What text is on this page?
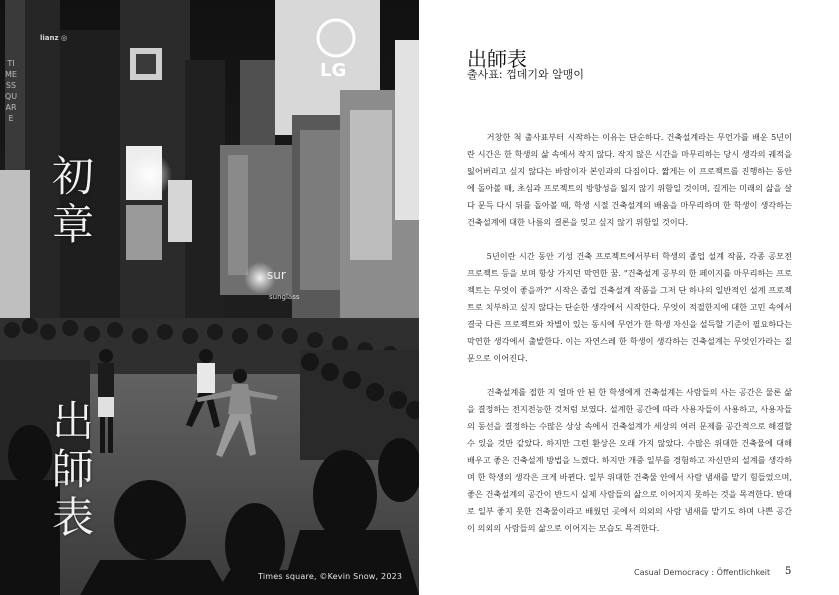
lianz ◎
TIMESSQUARE
LG
sur
sunglass
初
章
出
師
表
Times square, ©Kevin Snow, 2023
出師表
출사표: 껍데기와 알맹이

거창한 척 출사표부터 시작하는 이유는 단순하다. 건축설계라는 무언가를 배운 5년이란 시간은 한 학생의 삶 속에서 작지 않다. 작지 않은 시간을 마무리하는 당시 생각의 궤적을 잃어버리고 싶지 않다는 바람이자 본인과의 다짐이다. 짧게는 이 프로젝트를 진행하는 동안에 돌아볼 때, 초심과 프로젝트의 방향성을 잃지 않기 위함일 것이며, 길게는 미래의 삶을 살다 문득 다시 뒤를 돌아볼 때, 학생 시절 건축설계의 배움을 마무리하며 한 학생이 생각하는 건축설계에 대한 나름의 결론을 잊고 싶지 않기 위함일 것이다.

5년이란 시간 동안 기성 건축 프로젝트에서부터 학생의 졸업 설계 작품, 각종 공모전 프로젝트 등을 보며 항상 가지던 막연한 꿈. "건축설계 공부의 한 페이지를 마무리하는 프로젝트는 무엇이 좋을까?" 시작은 졸업 건축설계 작품을 그저 단 하나의 일반적인 설계 프로젝트로 치부하고 싶지 않다는 단순한 생각에서 시작한다. 무엇이 적절한지에 대한 고민 속에서 결국 다른 프로젝트와 차별이 있는 동시에 무언가 한 학생 자신을 설득할 기준이 필요하다는 막연한 생각에서 출발한다. 이는 자연스레 한 학생이 생각하는 건축설계는 무엇인가라는 질문으로 이어진다.

건축설계를 접한 지 얼마 안 된 한 학생에게 건축설계는 사람들의 사는 공간은 물론 삶을 결정하는 전지전능한 것처럼 보였다. 설계한 공간에 따라 사용자들이 사용하고, 사용자들의 동선을 결정하는 수많은 상상 속에서 건축설계가 세상의 여러 문제를 공간적으로 해결할 수 있을 것만 같았다. 하지만 그런 환상은 오래 가지 않았다. 수많은 위대한 건축물에 대해 배우고 좋은 건축설계 방법을 느꼈다. 하지만 개중 일부를 경험하고 자신만의 설계를 생각하며 한 학생의 생각은 크게 바뀐다. 일부 위대한 건축물 안에서 사람 냄새를 맡기 힘들었으며, 좋은 건축설계의 공간이 반드시 실제 사람들의 삶으로 이어지지 못하는 것을 목격한다. 반대로 일부 좋지 못한 건축물이라고 배웠던 곳에서 의외의 사람 냄새를 맡기도 하며 나쁜 공간이 의외의 사람들의 삶으로 이어지는 모습도 목격한다.

Casual Democracy : Öffentlichkeit 5
